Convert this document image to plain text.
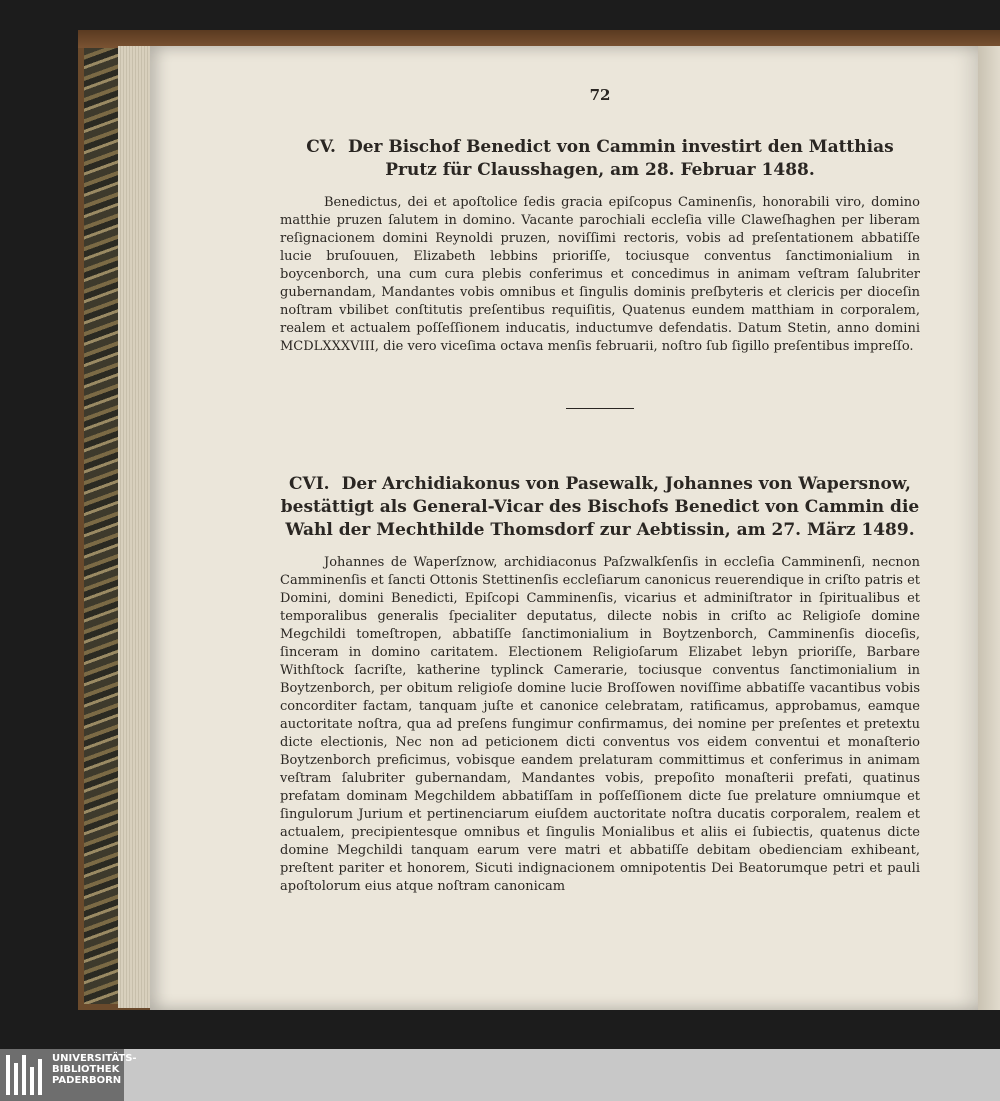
72

CV. Der Bischof Benedict von Cammin investirt den Matthias Prutz für Clausshagen, am 28. Februar 1488.

Benedictus, dei et apoſtolice ſedis gracia epiſcopus Caminenſis, honorabili viro, domino matthie pruzen ſalutem in domino. Vacante parochiali eccleſia ville Claweſhaghen per liberam reſignacionem domini Reynoldi pruzen, noviſſimi rectoris, vobis ad preſentationem abbatiſſe lucie bruſouuen, Elizabeth lebbins prioriſſe, tociusque conventus ſanctimonialium in boycenborch, una cum cura plebis conferimus et concedimus in animam veſtram ſalubriter gubernandam, Mandantes vobis omnibus et ſingulis dominis preſbyteris et clericis per dioceſin noſtram vbilibet conſtitutis preſentibus requiſitis, Quatenus eundem matthiam in corporalem, realem et actualem poſſeſſionem inducatis, inductumve defendatis. Datum Stetin, anno domini MCDLXXXVIII, die vero viceſima octava menſis februarii, noſtro ſub ſigillo preſentibus impreſſo.

CVI. Der Archidiakonus von Pasewalk, Johannes von Wapersnow, bestättigt als General-Vicar des Bischofs Benedict von Cammin die Wahl der Mechthilde Thomsdorf zur Aebtissin, am 27. März 1489.

Johannes de Waperſznow, archidiaconus Paſzwalkſenſis in eccleſia Camminenſi, necnon Camminenſis et ſancti Ottonis Stettinenſis eccleſiarum canonicus reuerendique in criſto patris et Domini, domini Benedicti, Epiſcopi Camminenſis, vicarius et adminiſtrator in ſpiritualibus et temporalibus generalis ſpecialiter deputatus, dilecte nobis in criſto ac Religioſe domine Megchildi tomeſtropen, abbatiſſe ſanctimonialium in Boytzenborch, Camminenſis dioceſis, ſinceram in domino caritatem. Electionem Religioſarum Elizabet lebyn prioriſſe, Barbare Withſtock ſacriſte, katherine typlinck Camerarie, tociusque conventus ſanctimonialium in Boytzenborch, per obitum religioſe domine lucie Broſſowen noviſſime abbatiſſe vacantibus vobis concorditer factam, tanquam juſte et canonice celebratam, ratificamus, approbamus, eamque auctoritate noſtra, qua ad preſens fungimur confirmamus, dei nomine per preſentes et pretextu dicte electionis, Nec non ad peticionem dicti conventus vos eidem conventui et monaſterio Boytzenborch preficimus, vobisque eandem prelaturam committimus et conferimus in animam veſtram ſalubriter gubernandam, Mandantes vobis, prepoſito monaſterii prefati, quatinus prefatam dominam Megchildem abbatiſſam in poſſeſſionem dicte ſue prelature omniumque et ſingulorum Jurium et pertinenciarum eiuſdem auctoritate noſtra ducatis corporalem, realem et actualem, precipientesque omnibus et ſingulis Monialibus et aliis ei ſubiectis, quatenus dicte domine Megchildi tanquam earum vere matri et abbatiſſe debitam obedienciam exhibeant, preſtent pariter et honorem, Sicuti indignacionem omnipotentis Dei Beatorumque petri et pauli apoſtolorum eius atque noſtram canonicam

UNIVERSITÄTS-
BIBLIOTHEK
PADERBORN
